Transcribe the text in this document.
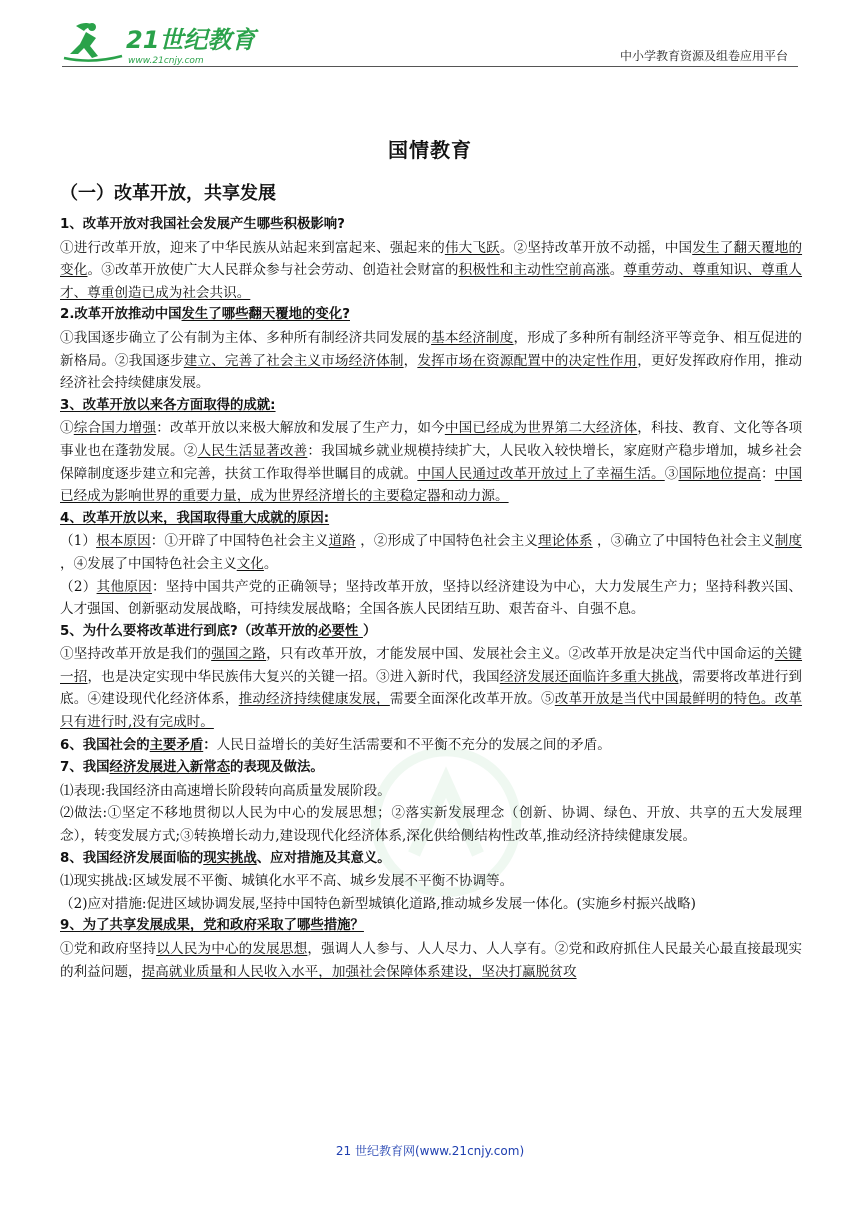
21世纪教育
www.21cnjy.com	中小学教育资源及组卷应用平台
国情教育
（一）改革开放，共享发展

1、改革开放对我国社会发展产生哪些积极影响?

①进行改革开放，迎来了中华民族从站起来到富起来、强起来的伟大飞跃。②坚持改革开放不动摇，中国发生了翻天覆地的变化。③改革开放使广大人民群众参与社会劳动、创造社会财富的积极性和主动性空前高涨。尊重劳动、尊重知识、尊重人才、尊重创造已成为社会共识。

2.改革开放推动中国发生了哪些翻天覆地的变化?

①我国逐步确立了公有制为主体、多种所有制经济共同发展的基本经济制度，形成了多种所有制经济平等竞争、相互促进的新格局。②我国逐步建立、完善了社会主义市场经济体制，发挥市场在资源配置中的决定性作用，更好发挥政府作用，推动经济社会持续健康发展。

3、改革开放以来各方面取得的成就:

①综合国力增强：改革开放以来极大解放和发展了生产力，如今中国已经成为世界第二大经济体，科技、教育、文化等各项事业也在蓬勃发展。②人民生活显著改善：我国城乡就业规模持续扩大，人民收入较快增长，家庭财产稳步增加，城乡社会保障制度逐步建立和完善，扶贫工作取得举世瞩目的成就。中国人民通过改革开放过上了幸福生活。③国际地位提高：中国已经成为影响世界的重要力量，成为世界经济增长的主要稳定器和动力源。

4、改革开放以来，我国取得重大成就的原因:

（1）根本原因：①开辟了中国特色社会主义道路 ，②形成了中国特色社会主义理论体系 ，③确立了中国特色社会主义制度 ，④发展了中国特色社会主义文化。

（2）其他原因：坚持中国共产党的正确领导；坚持改革开放，坚持以经济建设为中心，大力发展生产力；坚持科教兴国、人才强国、创新驱动发展战略，可持续发展战略；全国各族人民团结互助、艰苦奋斗、自强不息。

5、为什么要将改革进行到底?（改革开放的必要性 ）

①坚持改革开放是我们的强国之路，只有改革开放，才能发展中国、发展社会主义。②改革开放是决定当代中国命运的关键一招，也是决定实现中华民族伟大复兴的关键一招。③进入新时代，我国经济发展还面临许多重大挑战，需要将改革进行到底。④建设现代化经济体系，推动经济持续健康发展，需要全面深化改革开放。⑤改革开放是当代中国最鲜明的特色。改革只有进行时,没有完成时。

6、我国社会的主要矛盾：人民日益增长的美好生活需要和不平衡不充分的发展之间的矛盾。

7、我国经济发展进入新常态的表现及做法。

⑴表现:我国经济由高速增长阶段转向高质量发展阶段。

⑵做法:①坚定不移地贯彻以人民为中心的发展思想；②落实新发展理念（创新、协调、绿色、开放、共享的五大发展理念），转变发展方式;③转换增长动力,建设现代化经济体系,深化供给侧结构性改革,推动经济持续健康发展。

8、我国经济发展面临的现实挑战、应对措施及其意义。

⑴现实挑战:区域发展不平衡、城镇化水平不高、城乡发展不平衡不协调等。

（2)应对措施:促进区域协调发展,坚持中国特色新型城镇化道路,推动城乡发展一体化。(实施乡村振兴战略)

9、为了共享发展成果，党和政府采取了哪些措施？

①党和政府坚持以人民为中心的发展思想，强调人人参与、人人尽力、人人享有。②党和政府抓住人民最关心最直接最现实的利益问题，提高就业质量和人民收入水平，加强社会保障体系建设，坚决打赢脱贫攻

21 世纪教育网(www.21cnjy.com)
